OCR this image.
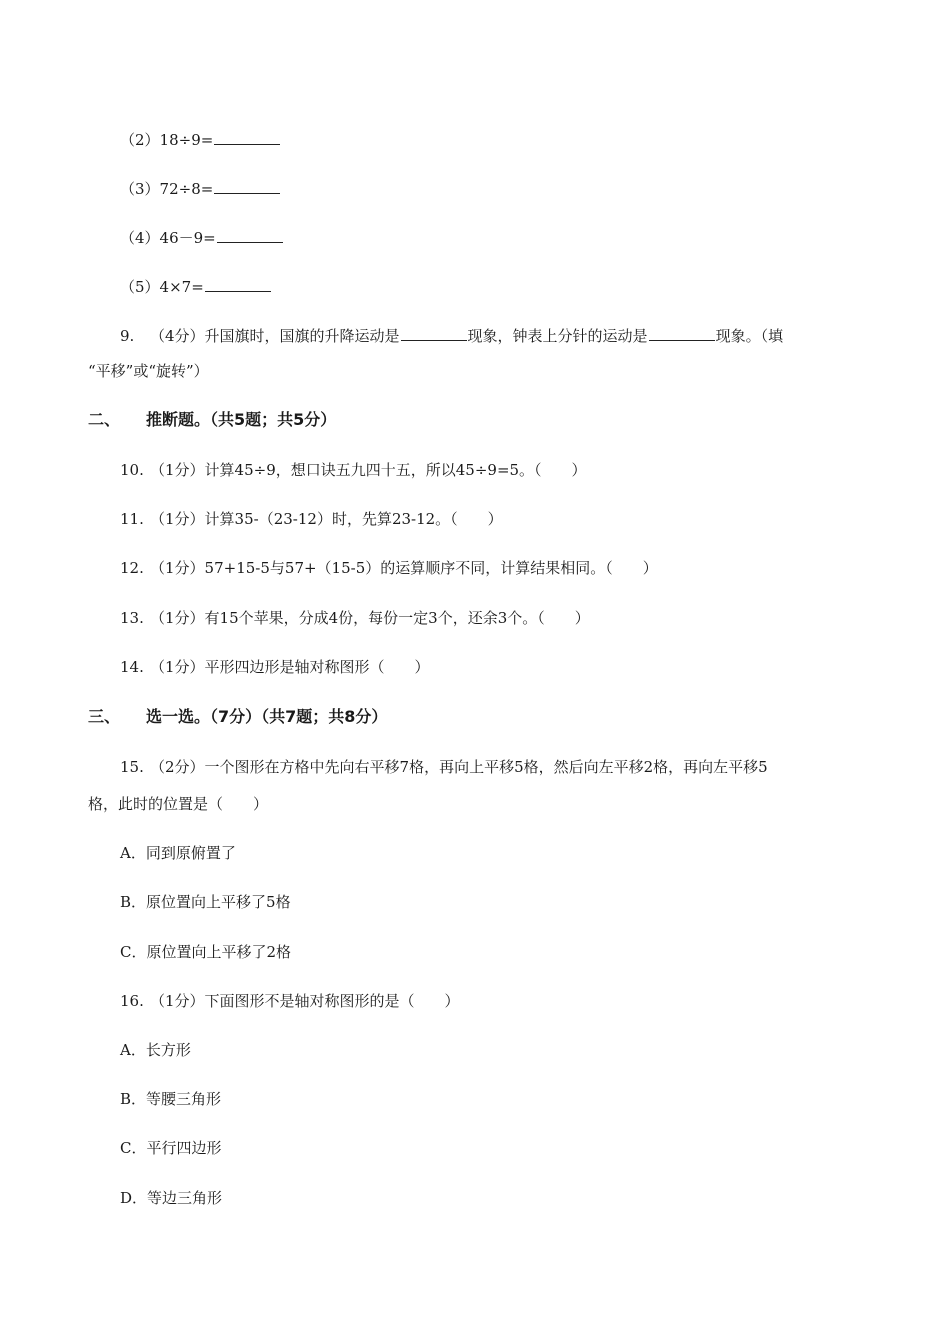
（2）18÷9=
（3）72÷8=
（4）46－9=
（5）4×7=
9. （4分）升国旗时，国旗的升降运动是	现象，钟表上分针的运动是	现象。（填
“平移”或“旋转”）
二、 推断题。（共5题；共5分）
10. （1分）计算45÷9，想口诀五九四十五，所以45÷9=5。（　　）
11. （1分）计算35-（23-12）时，先算23-12。（　　）
12. （1分）57+15-5与57+（15-5）的运算顺序不同，计算结果相同。（　　）
13. （1分）有15个苹果，分成4份，每份一定3个，还余3个。（　　）
14. （1分）平形四边形是轴对称图形（　　）
三、 选一选。（7分）（共7题；共8分）
15. （2分）一个图形在方格中先向右平移7格，再向上平移5格，然后向左平移2格，再向左平移5
格，此时的位置是（　　）
A．同到原俯置了
B．原位置向上平移了5格
C．原位置向上平移了2格
16. （1分）下面图形不是轴对称图形的是（　　）
A．长方形
B．等腰三角形
C．平行四边形
D．等边三角形
